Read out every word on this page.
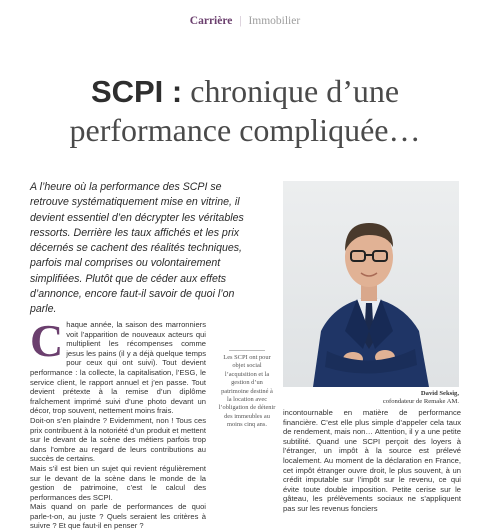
Carrière | Immobilier
SCPI : chronique d’une
performance compliquée…
A l’heure où la performance des SCPI se retrouve systématiquement mise en vitrine, il devient essentiel d’en décrypter les véritables ressorts. Derrière les taux affichés et les prix décernés se cachent des réalités techniques, parfois mal comprises ou volontairement simplifiées. Plutôt que de céder aux effets d’annonce, encore faut-il savoir de quoi l’on parle.
David Seksig,
cofondateur de Remake AM.
C haque année, la saison des marronniers voit l’apparition de nouveaux acteurs qui multiplient les récompenses comme jesus les pains (il y a déjà quelque temps pour ceux qui ont suivi). Tout devient performance : la collecte, la capitalisation, l’ESG, le service client, le rapport annuel et j’en passe. Tout devient prétexte à la remise d’un diplôme fraîchement imprimé suivi d’une photo devant un décor, trop souvent, nettement moins frais.

Doit-on s’en plaindre ? Evidemment, non ! Tous ces prix contribuent à la notoriété d’un produit et mettent sur le devant de la scène des métiers parfois trop dans l’ombre au regard de leurs contributions au succès de certains.

Mais s’il est bien un sujet qui revient régulièrement sur le devant de la scène dans le monde de la gestion de patrimoine, c’est le calcul des performances des SCPI.

Mais quand on parle de performances de quoi parle-t-on, au juste ? Quels seraient les critères à suivre ? Et que faut-il en penser ?

Les SCPI ont pour objet social l’acquisition et la gestion d’un patrimoine destiné à la location avec l’obligation de détenir des immeubles au moins cinq ans.

incontournable en matière de performance financière. C’est elle plus simple d’appeler cela taux de rendement, mais non… Attention, il y a une petite subtilité. Quand une SCPI perçoit des loyers à l’étranger, un impôt à la source est prélevé localement. Au moment de la déclaration en France, cet impôt étranger ouvre droit, le plus souvent, à un crédit imputable sur l’impôt sur le revenu, ce qui évite toute double imposition. Petite cerise sur le gâteau, les prélèvements sociaux ne s’appliquent pas sur les revenus fonciers
